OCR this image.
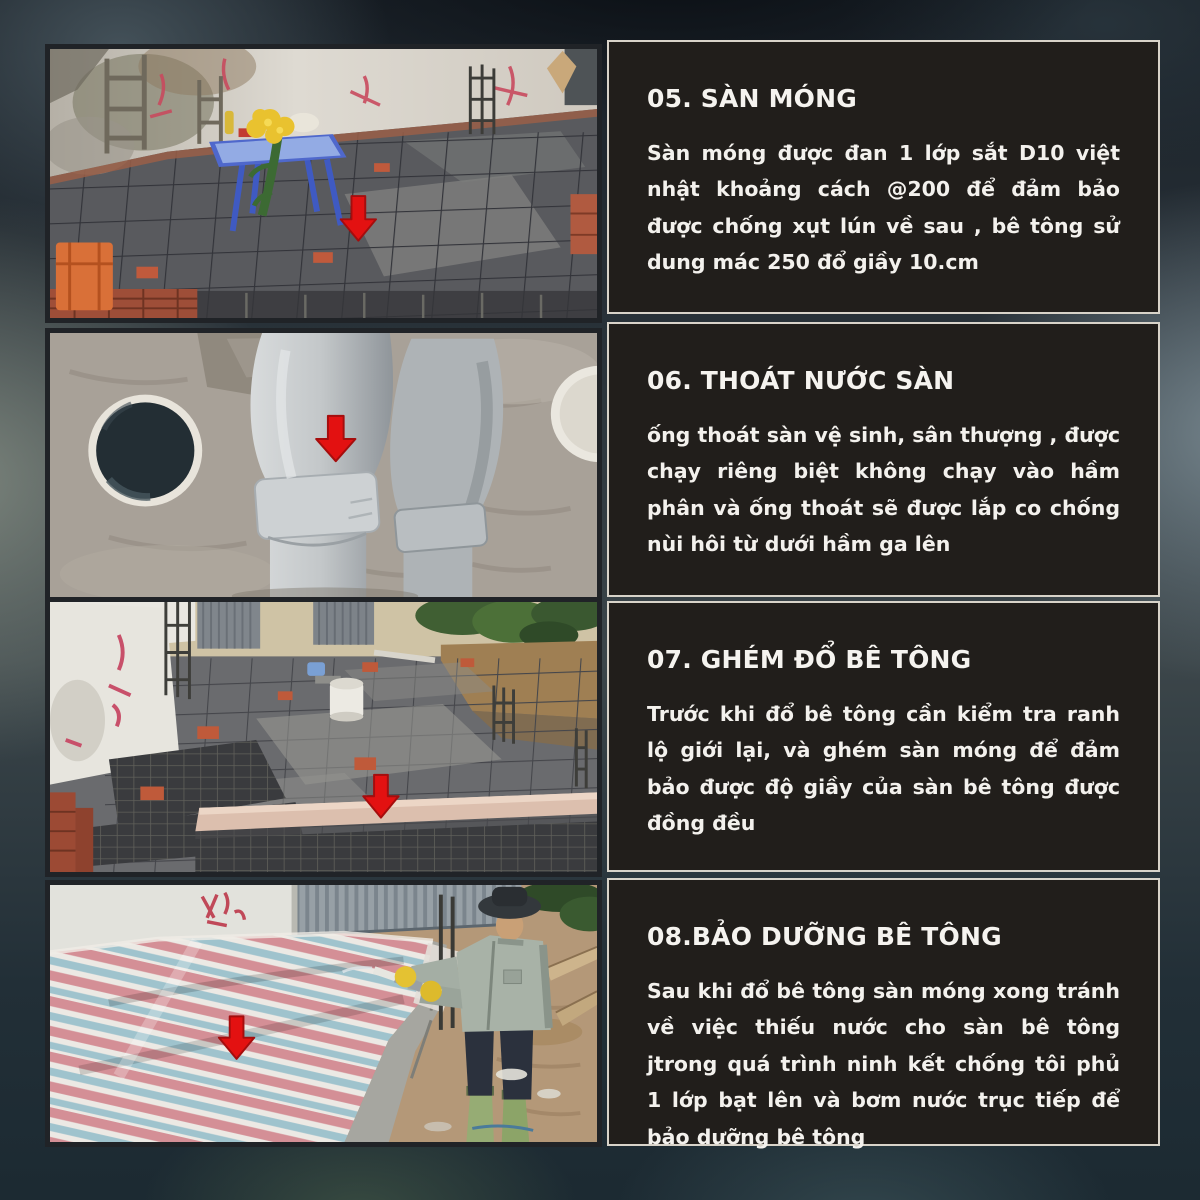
05. SÀN MÓNG

Sàn móng được đan 1 lớp sắt D10 việt nhật khoảng cách @200 để đảm bảo được chống xụt lún về sau , bê tông sử dung mác 250 đổ giầy 10.cm

06. THOÁT NƯỚC SÀN

ống thoát sàn vệ sinh, sân thượng , được chạy riêng biệt không chạy vào hầm phân và ống thoát sẽ được lắp co chống nùi hôi từ dưới hầm ga lên

07. GHÉM ĐỔ BÊ TÔNG

Trước khi đổ bê tông cần kiểm tra ranh lộ giới lại, và ghém sàn móng để đảm bảo được độ giầy của sàn bê tông được đồng đều

08.BẢO DƯỠNG BÊ TÔNG

Sau khi đổ bê tông sàn móng xong tránh về việc thiếu nước cho sàn bê tông jtrong quá trình ninh kết chống tôi phủ 1 lớp bạt lên và bơm nước trục tiếp để bảo dưỡng bê tông
